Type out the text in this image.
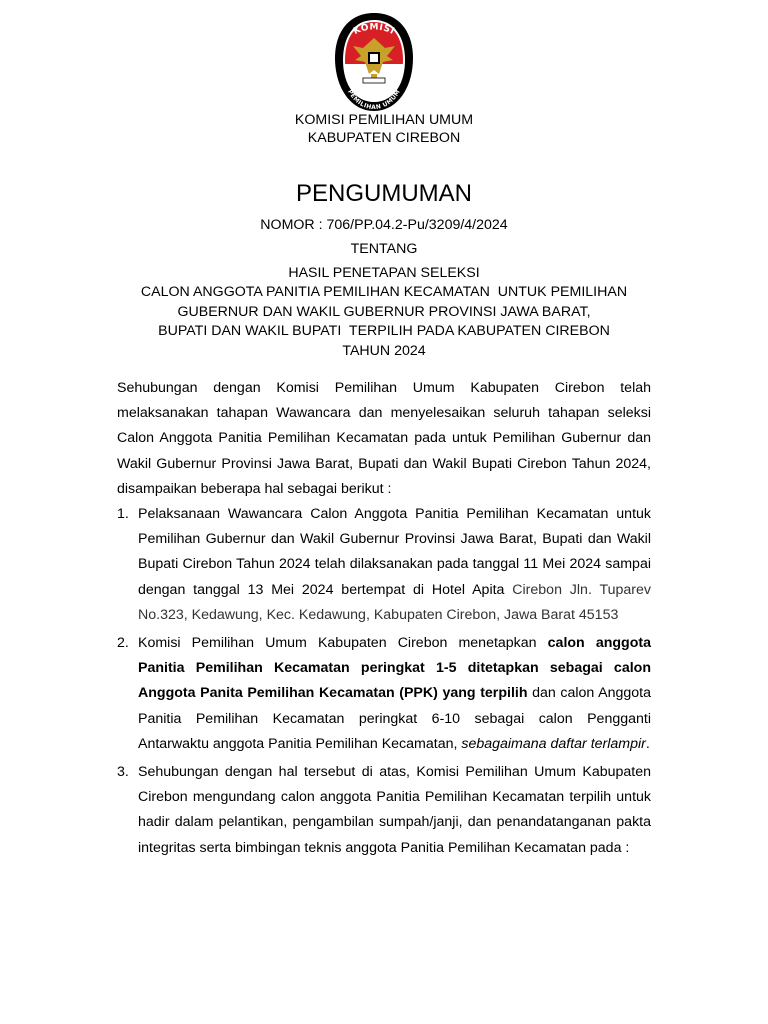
KOMISI
PEMILIHAN UMUM
KOMISI PEMILIHAN UMUM
KABUPATEN CIREBON
PENGUMUMAN
NOMOR : 706/PP.04.2-Pu/3209/4/2024
TENTANG
HASIL PENETAPAN SELEKSI
CALON ANGGOTA PANITIA PEMILIHAN KECAMATAN  UNTUK PEMILIHAN
GUBERNUR DAN WAKIL GUBERNUR PROVINSI JAWA BARAT,
BUPATI DAN WAKIL BUPATI  TERPILIH PADA KABUPATEN CIREBON
TAHUN 2024
Sehubungan dengan Komisi Pemilihan Umum Kabupaten Cirebon telah melaksanakan tahapan Wawancara dan menyelesaikan seluruh tahapan seleksi Calon Anggota Panitia Pemilihan Kecamatan pada untuk Pemilihan Gubernur dan Wakil Gubernur Provinsi Jawa Barat, Bupati dan Wakil Bupati Cirebon Tahun 2024, disampaikan beberapa hal sebagai berikut :
1. Pelaksanaan Wawancara Calon Anggota Panitia Pemilihan Kecamatan untuk Pemilihan Gubernur dan Wakil Gubernur Provinsi Jawa Barat, Bupati dan Wakil Bupati Cirebon Tahun 2024 telah dilaksanakan pada tanggal 11 Mei 2024 sampai dengan tanggal 13 Mei 2024 bertempat di Hotel Apita Cirebon Jln. Tuparev No.323, Kedawung, Kec. Kedawung, Kabupaten Cirebon, Jawa Barat 45153
2. Komisi Pemilihan Umum Kabupaten Cirebon menetapkan calon anggota Panitia Pemilihan Kecamatan peringkat 1-5 ditetapkan sebagai calon Anggota Panita Pemilihan Kecamatan (PPK) yang terpilih dan calon Anggota Panitia Pemilihan Kecamatan peringkat 6-10 sebagai calon Pengganti Antarwaktu anggota Panitia Pemilihan Kecamatan, sebagaimana daftar terlampir.
3. Sehubungan dengan hal tersebut di atas, Komisi Pemilihan Umum Kabupaten Cirebon mengundang calon anggota Panitia Pemilihan Kecamatan terpilih untuk hadir dalam pelantikan, pengambilan sumpah/janji, dan penandatanganan pakta integritas serta bimbingan teknis anggota Panitia Pemilihan Kecamatan pada :
